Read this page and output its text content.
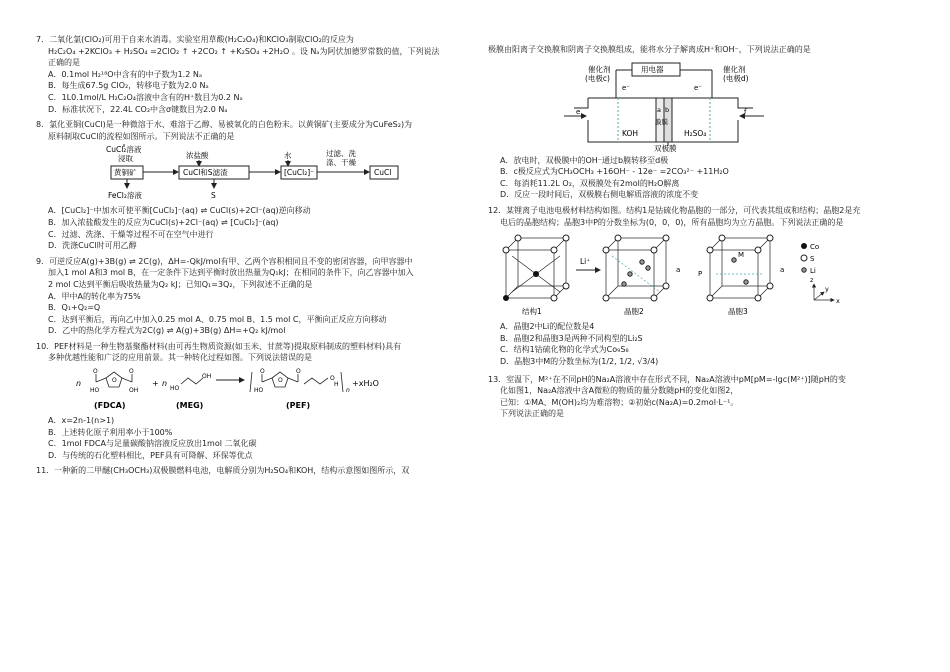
7．二氧化氯(ClO₂)可用于自来水消毒。实验室用草酸(H₂C₂O₄)和KClO₃制取ClO₂的反应为
H₂C₂O₄ +2KClO₃ + H₂SO₄ =2ClO₂ ↑ +2CO₂ ↑ +K₂SO₄ +2H₂O 。设 Nₐ为阿伏加德罗常数的值，下列说法
正确的是
A．0.1mol H₂¹⁸O中含有的中子数为1.2 Nₐ
B．每生成67.5g ClO₂，转移电子数为2.0 Nₐ
C．1L0.1mol/L H₂C₂O₄溶液中含有的H⁺数目为0.2 Nₐ
D．标准状况下，22.4L CO₂中含σ键数目为2.0 Nₐ
8．氯化亚铜(CuCl)是一种微溶于水、难溶于乙醇、易被氧化的白色粉末。以黄铜矿(主要成分为CuFeS₂)为
原料制取CuCl的流程如图所示。下列说法不正确的是
CuCl₂溶液
浸取
黄铜矿
浓盐酸
CuCl和S滤渣
水
[CuCl₂]⁻
过滤、洗
涤、干燥
CuCl
FeCl₂溶液	S
A．[CuCl₂]⁻中加水可使平衡[CuCl₂]⁻(aq) ⇌ CuCl(s)+2Cl⁻(aq)逆向移动
B．加入浓盐酸发生的反应为CuCl(s)+2Cl⁻(aq) ⇌ [CuCl₂]⁻(aq)
C．过滤、洗涤、干燥等过程不可在空气中进行
D．洗涤CuCl时可用乙醇
9．可逆反应A(g)+3B(g) ⇌ 2C(g)，ΔH=-QkJ/mol有甲、乙两个容积相同且不变的密闭容器，向甲容器中
加入1 mol A和3 mol B，在一定条件下达到平衡时放出热量为Q₁kJ；在相同的条件下，向乙容器中加入
2 mol C达到平衡后吸收热量为Q₂ kJ；已知Q₁=3Q₂，下列叙述不正确的是
A．甲中A的转化率为75%
B．Q₁+Q₂=Q
C．达到平衡后，再向乙中加入0.25 mol A、0.75 mol B、1.5 mol C，平衡向正反应方向移动
D．乙中的热化学方程式为2C(g) ⇌ A(g)+3B(g) ΔH=+Q₂ kJ/mol
10．PEF材料是一种生物基聚酯材料(由可再生物质资源(如玉米、甘蔗等)提取原料制成的塑料材料)具有
多种优越性能和广泛的应用前景。其一种转化过程如图。下列说法错误的是
n	O
HO	OH
O	O
(FDCA)
+ n
HO
OH
(MEG)
HO
O	O
O	O
H
n
+xH₂O
(PEF)
A．x=2n-1(n>1)
B．上述转化原子利用率小于100%
C．1mol FDCA与足量碳酸钠溶液反应放出1mol 二氧化碳
D．与传统的石化塑料相比，PEF具有可降解、环保等优点
11．一种新的二甲醚(CH₃OCH₃)双极膜燃料电池，电解质分别为H₂SO₄和KOH，结构示意图如图所示，双
极膜由阳离子交换膜和阴离子交换膜组成，能将水分子解离成H⁺和OH⁻，下列说法正确的是
催化剂
(电极c)
用电器	催化剂
(电极d)
e⁻	e⁻
a b
膜膜
e	f
KOH	H₂SO₄
双极膜
A．放电时，双极膜中的OH⁻通过b膜转移至d极
B．c极反应式为CH₃OCH₃ +16OH⁻ - 12e⁻ =2CO₃²⁻ +11H₂O
C．每消耗11.2L O₂，双极膜处有2mol的H₂O解离
D．反应一段时间后，双极膜右侧电解质溶液的浓度不变
12．某锂离子电池电极材料结构如图。结构1是钴硫化物晶胞的一部分，可代表其组成和结构；晶胞2是充
电后的晶胞结构；晶胞3中P的分数坐标为(0，0，0)，所有晶胞均为立方晶胞。下列说法正确的是
结构1
Li⁺
a
晶胞2
P
M
a
晶胞3
Co
S
Li
z
x
y
A．晶胞2中Li的配位数是4
B．晶胞2和晶胞3是两种不同构型的Li₂S
C．结构1钴硫化物的化学式为Co₉S₈
D．晶胞3中M的分数坐标为(1/2, 1/2, √3/4)
13．室温下，M²⁺在不同pH的Na₂A溶液中存在形式不同，Na₂A溶液中pM[pM=-lgc(M²⁺)]随pH的变
化如图1，Na₂A溶液中含A微粒的物质的量分数随pH的变化如图2，
已知：①MA、M(OH)₂均为难溶物；②初始c(Na₂A)=0.2mol·L⁻¹。
下列说法正确的是
